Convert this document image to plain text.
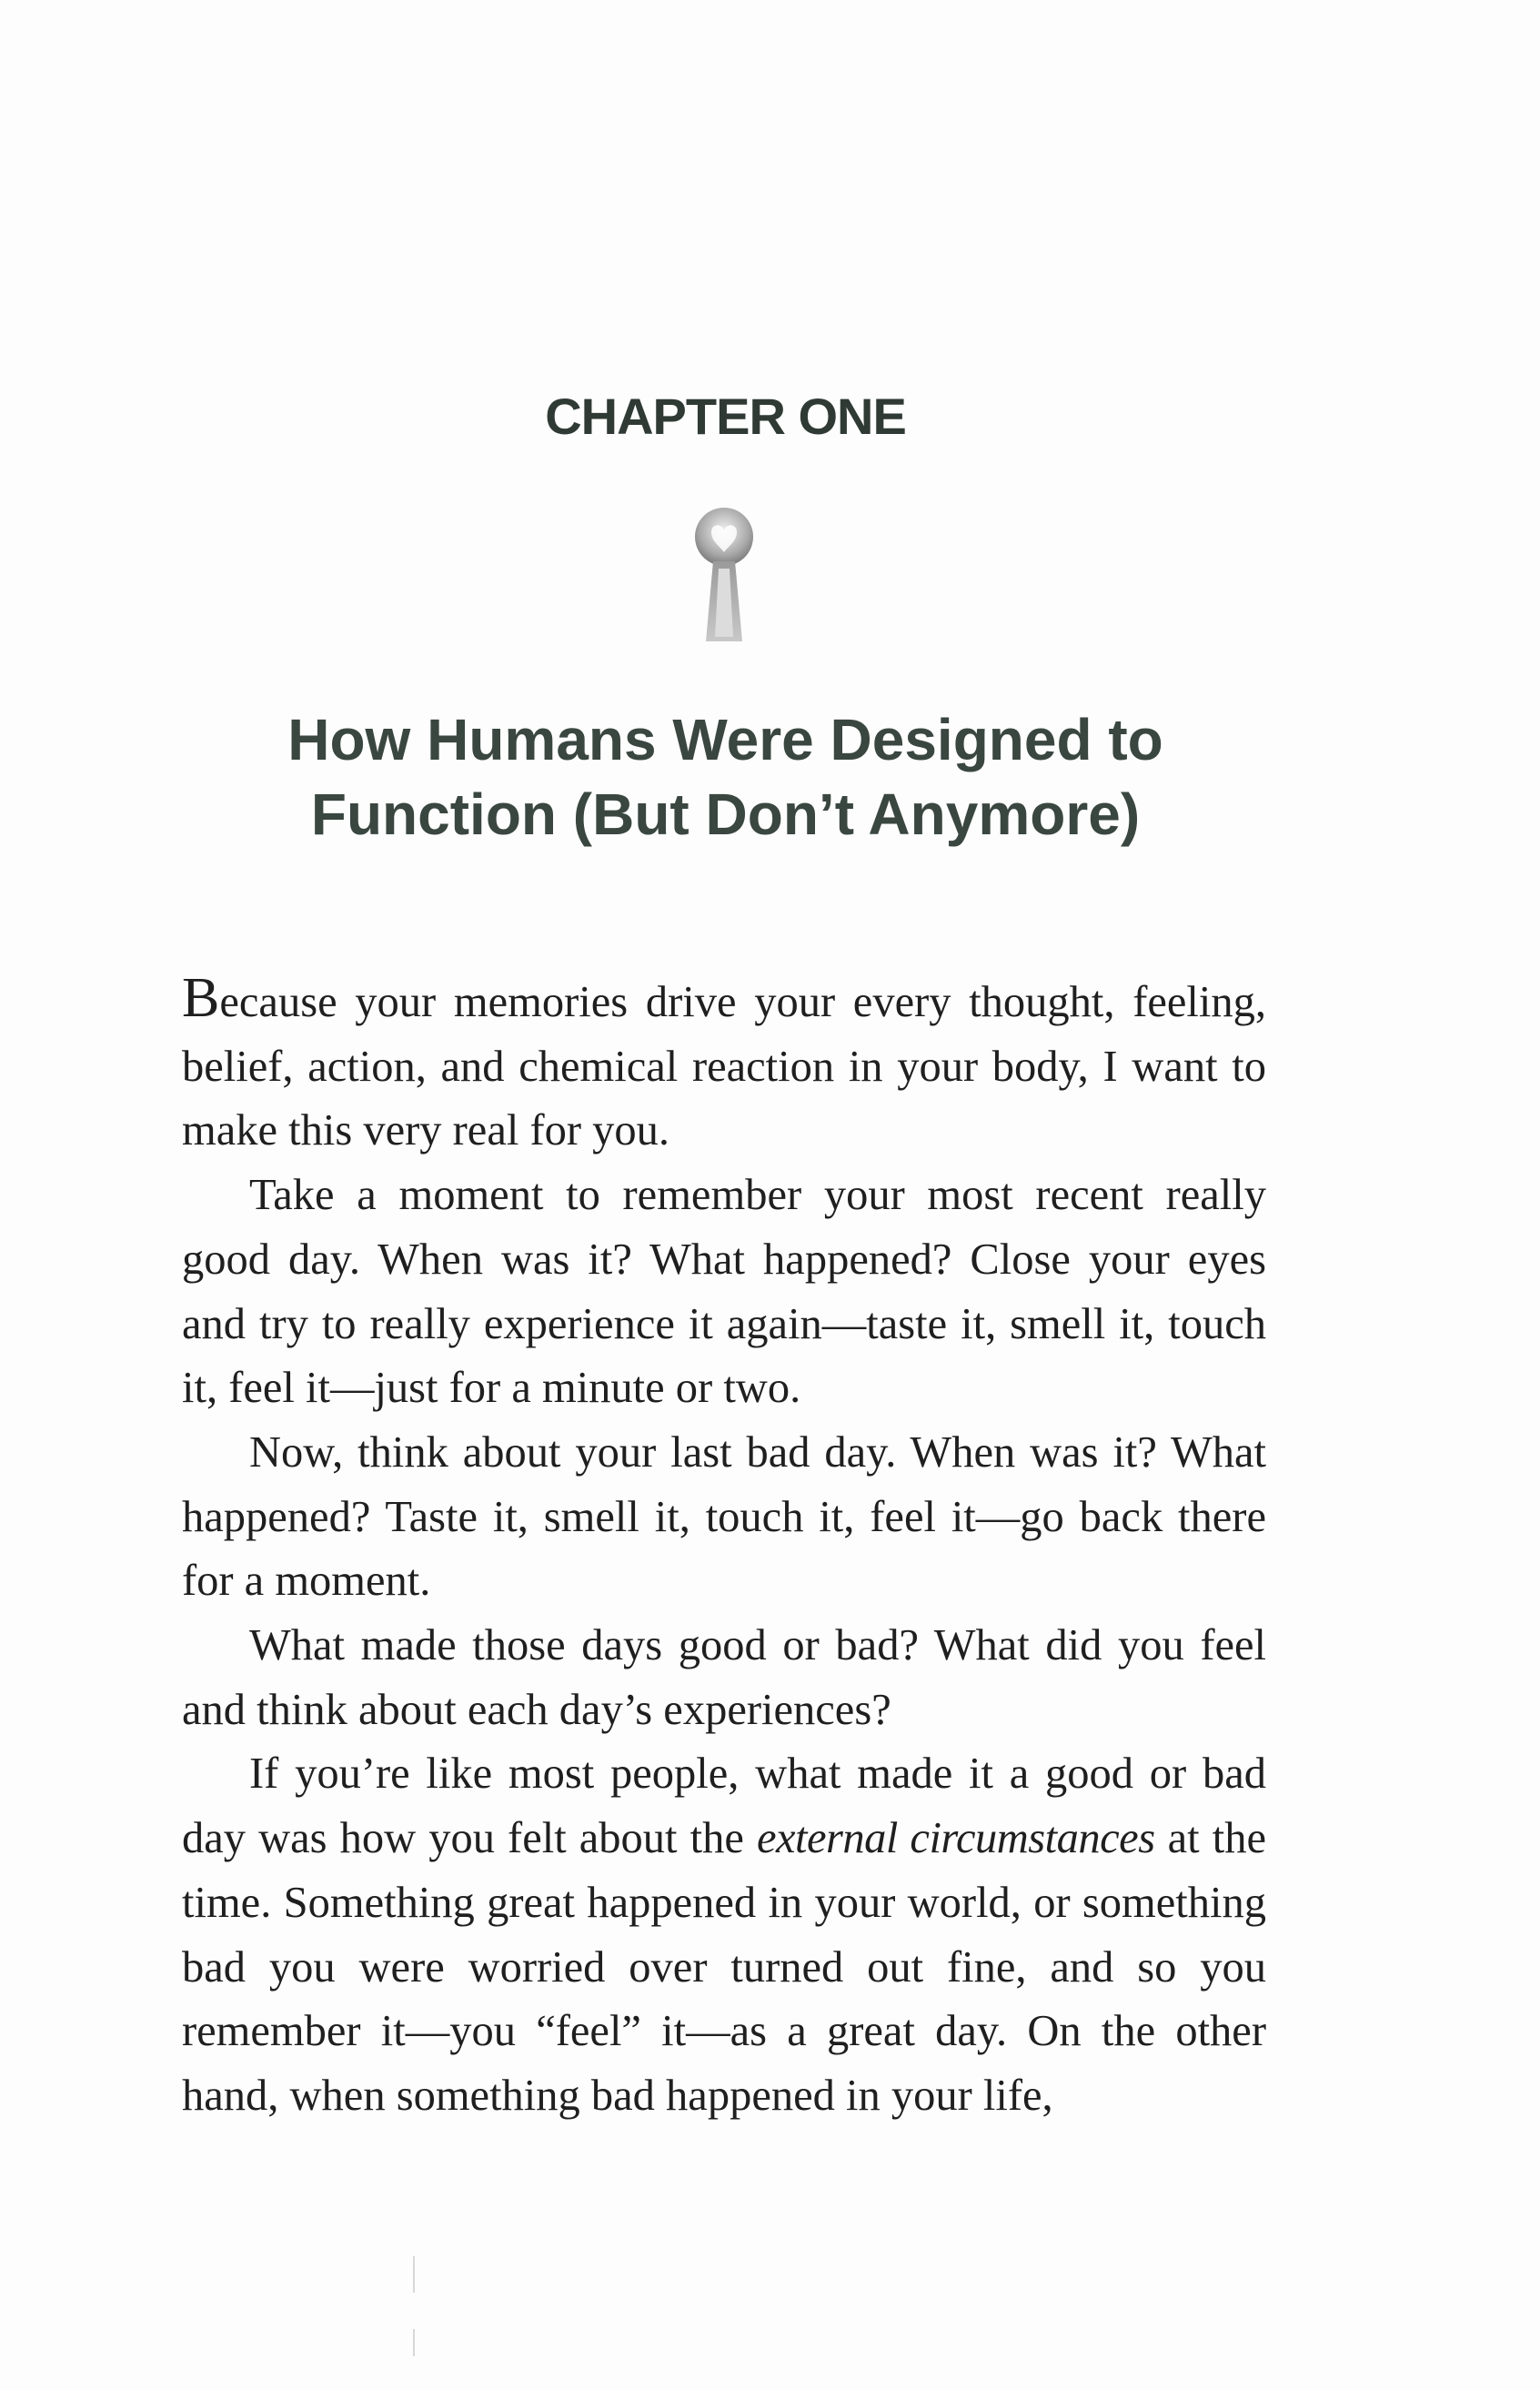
CHAPTER ONE
How Humans Were Designed to
Function (But Don’t Anymore)

Because your memories drive your every thought, feeling, belief, action, and chemical reaction in your body, I want to make this very real for you.

Take a moment to remember your most recent really good day. When was it? What happened? Close your eyes and try to really experience it again—taste it, smell it, touch it, feel it—just for a minute or two.

Now, think about your last bad day. When was it? What happened? Taste it, smell it, touch it, feel it—go back there for a moment.

What made those days good or bad? What did you feel and think about each day’s experiences?

If you’re like most people, what made it a good or bad day was how you felt about the external circumstances at the time. Something great happened in your world, or something bad you were worried over turned out fine, and so you remember it—you “feel” it—as a great day. On the other hand, when something bad happened in your life,
